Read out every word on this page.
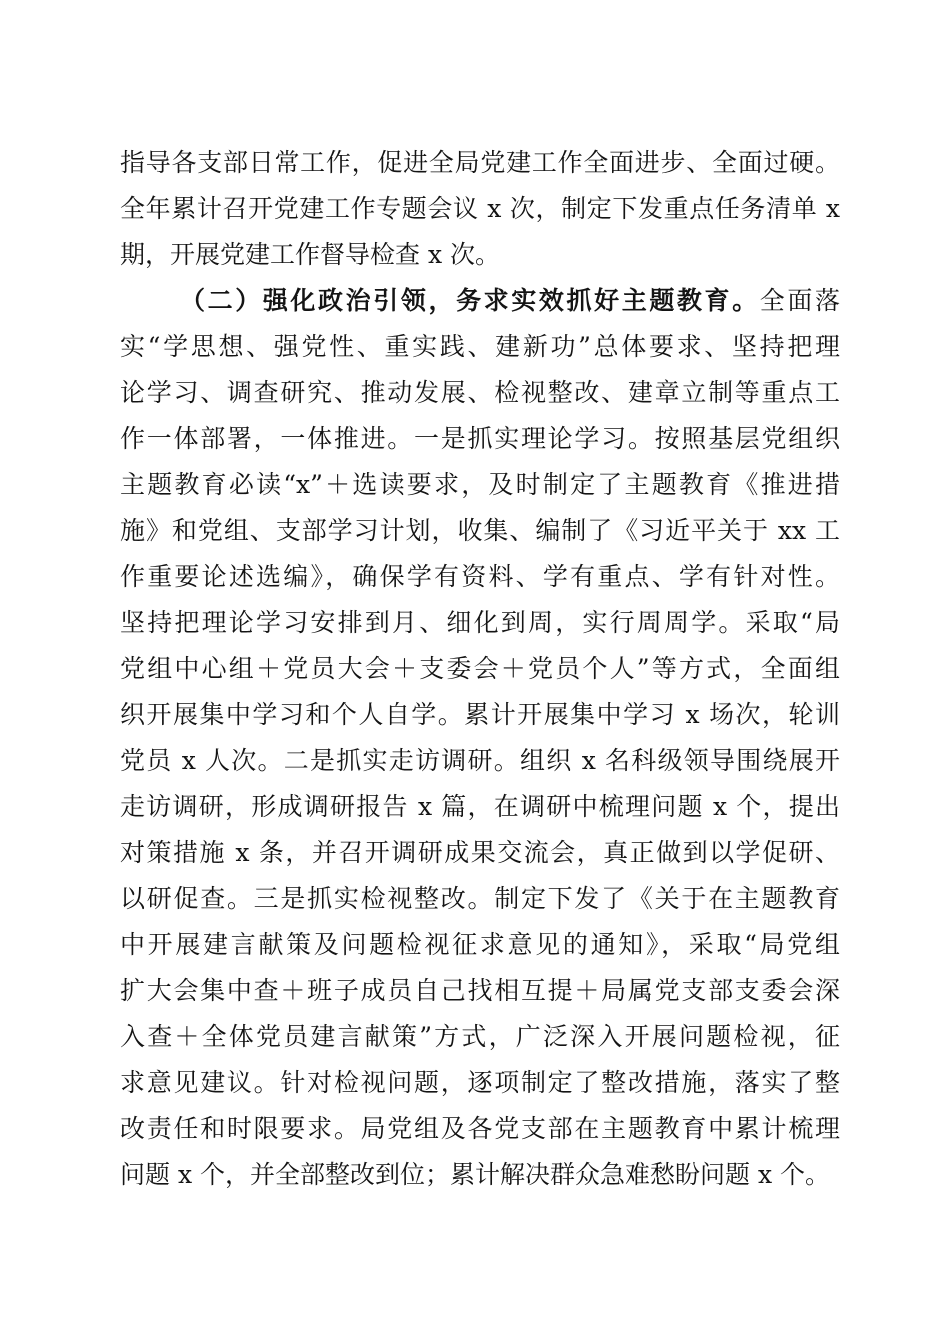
指导各支部日常工作，促进全局党建工作全面进步、全面过硬。
全年累计召开党建工作专题会议 x 次，制定下发重点任务清单 x
期，开展党建工作督导检查 x 次。
（二）强化政治引领，务求实效抓好主题教育。全面落
实“学思想、强党性、重实践、建新功”总体要求、坚持把理
论学习、调查研究、推动发展、检视整改、建章立制等重点工
作一体部署，一体推进。一是抓实理论学习。按照基层党组织
主题教育必读“x”＋选读要求，及时制定了主题教育《推进措
施》和党组、支部学习计划，收集、编制了《习近平关于 xx 工
作重要论述选编》，确保学有资料、学有重点、学有针对性。
坚持把理论学习安排到月、细化到周，实行周周学。采取“局
党组中心组＋党员大会＋支委会＋党员个人”等方式，全面组
织开展集中学习和个人自学。累计开展集中学习 x 场次，轮训
党员 x 人次。二是抓实走访调研。组织 x 名科级领导围绕展开
走访调研，形成调研报告 x 篇，在调研中梳理问题 x 个，提出
对策措施 x 条，并召开调研成果交流会，真正做到以学促研、
以研促查。三是抓实检视整改。制定下发了《关于在主题教育
中开展建言献策及问题检视征求意见的通知》，采取“局党组
扩大会集中查＋班子成员自己找相互提＋局属党支部支委会深
入查＋全体党员建言献策”方式，广泛深入开展问题检视，征
求意见建议。针对检视问题，逐项制定了整改措施，落实了整
改责任和时限要求。局党组及各党支部在主题教育中累计梳理
问题 x 个，并全部整改到位；累计解决群众急难愁盼问题 x 个。
